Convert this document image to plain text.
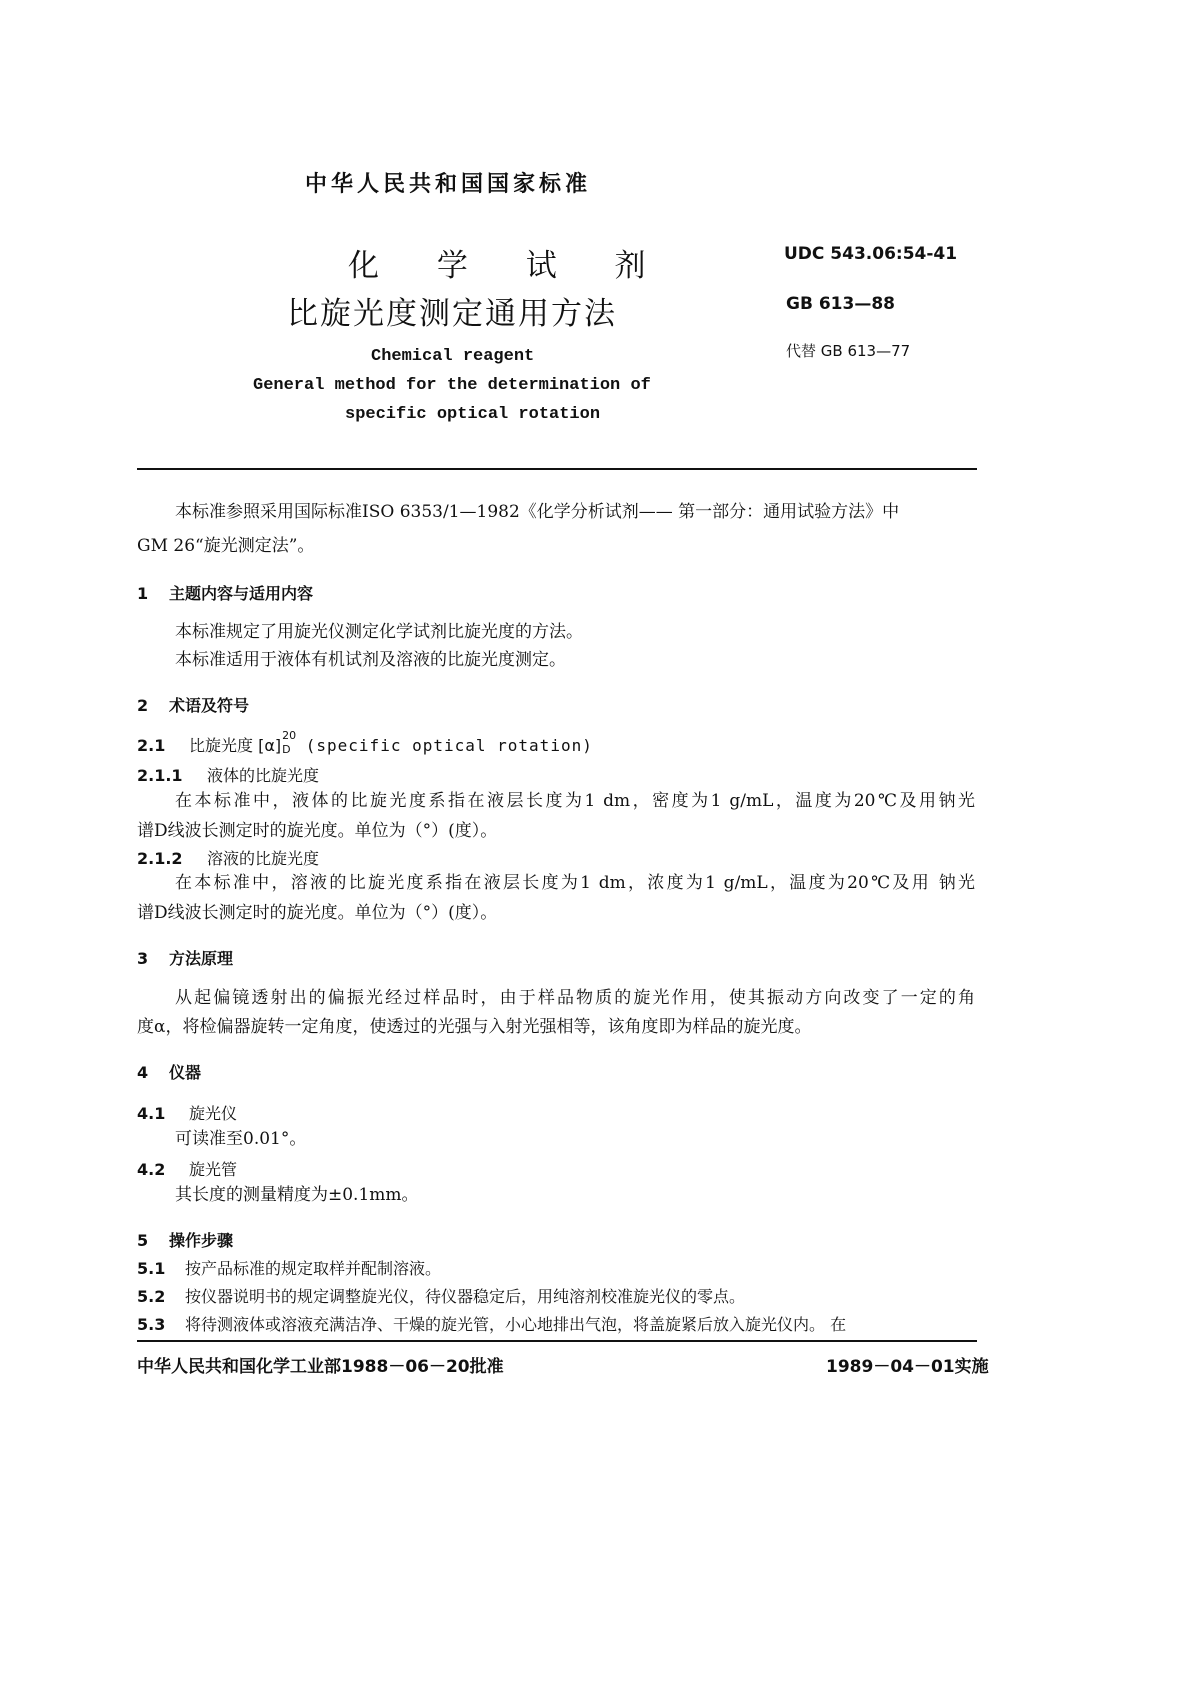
中华人民共和国国家标准
化 学 试 剂
比旋光度测定通用方法
Chemical reagent
General method for the determination of
specific optical rotation
UDC 543.06:54-41
GB 613—88
代替 GB 613—77
本标准参照采用国际标准ISO 6353/1—1982《化学分析试剂—— 第一部分：通用试验方法》中
GM 26“旋光测定法”。
1 主题内容与适用内容
本标准规定了用旋光仪测定化学试剂比旋光度的方法。
本标准适用于液体有机试剂及溶液的比旋光度测定。
2 术语及符号
2.1 比旋光度 [α]
20
D (specific optical rotation)
2.1.1 液体的比旋光度
在本标准中，液体的比旋光度系指在液层长度为1 dm，密度为1 g/mL，温度为20℃及用钠光
谱D线波长测定时的旋光度。单位为（°）(度）。
2.1.2 溶液的比旋光度
在本标准中，溶液的比旋光度系指在液层长度为1 dm，浓度为1 g/mL，温度为20℃及用 钠光
谱D线波长测定时的旋光度。单位为（°）(度）。
3 方法原理
从起偏镜透射出的偏振光经过样品时，由于样品物质的旋光作用，使其振动方向改变了一定的角
度α，将检偏器旋转一定角度，使透过的光强与入射光强相等，该角度即为样品的旋光度。
4 仪器
4.1 旋光仪
可读准至0.01°。
4.2 旋光管
其长度的测量精度为±0.1mm。
5 操作步骤
5.1 按产品标准的规定取样并配制溶液。
5.2 按仪器说明书的规定调整旋光仪，待仪器稳定后，用纯溶剂校准旋光仪的零点。
5.3 将待测液体或溶液充满洁净、干燥的旋光管，小心地排出气泡，将盖旋紧后放入旋光仪内。 在
中华人民共和国化学工业部1988－06－20批准	1989－04－01实施
